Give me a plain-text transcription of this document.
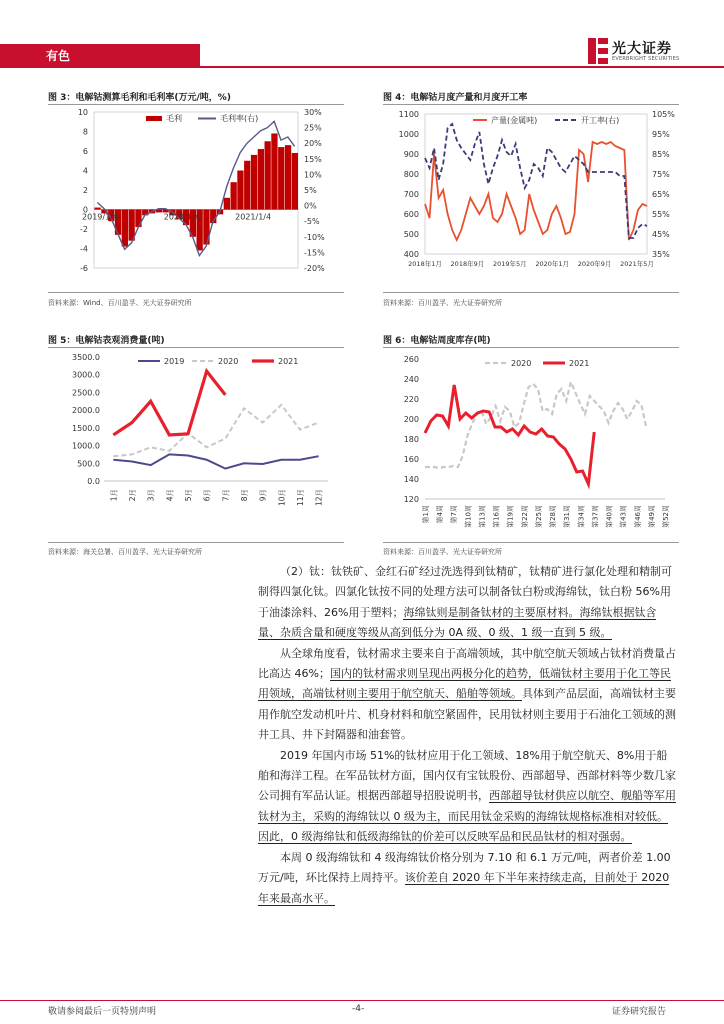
有色	光大证券
EVERBRIGHT SECURITIES
图 3：电解钴测算毛利和毛利率(万元/吨，%)	图 4：电解钴月度产量和月度开工率
10
8
6
4
2
0
-2
-4
-6
30%
25%
20%
15%
10%
5%
0%
-5%
-10%
-15%
-20%
2019/1/4	2020/1/4	2021/1/4
毛利	毛利率(右)	1100
1000
900
800
700
600
500
400
105%
95%
85%
75%
65%
55%
45%
35%
2018年1月 2018年9月 2019年5月 2020年1月 2020年9月 2021年5月
产量(金属吨)	开工率(右)
资料来源：Wind、百川盈孚、光大证券研究所	资料来源：百川盈孚、光大证券研究所
图 5：电解钴表观消费量(吨)	图 6：电解钴周度库存(吨)
3500.0
3000.0
2500.0
2000.0
1500.0
1000.0
500.0
0.0
1月 2月 3月 4月 5月 6月 7月 8月 9月 10月 11月 12月
2019	2020	2021	260
240
220
200
180
160
140
120
第1周 第4周 第7周 第10周 第13周 第16周 第19周 第22周 第25周 第28周 第31周 第34周 第37周 第40周 第43周 第46周 第49周 第52周
2020	2021
资料来源：海关总署、百川盈孚、光大证券研究所	资料来源：百川盈孚、光大证券研究所

（2）钛：钛铁矿、金红石矿经过洗选得到钛精矿，钛精矿进行氯化处理和精制可制得四氯化钛。四氯化钛按不同的处理方法可以制备钛白粉或海绵钛，钛白粉 56%用于油漆涂料、26%用于塑料；海绵钛则是制备钛材的主要原材料。海绵钛根据钛含量、杂质含量和硬度等级从高到低分为 0A 级、0 级、1 级一直到 5 级。

从全球角度看，钛材需求主要来自于高端领域，其中航空航天领域占钛材消费量占比高达 46%；国内的钛材需求则呈现出两极分化的趋势，低端钛材主要用于化工等民用领域，高端钛材则主要用于航空航天、船舶等领域。具体到产品层面，高端钛材主要用作航空发动机叶片、机身材料和航空紧固件，民用钛材则主要用于石油化工领域的测井工具、井下封隔器和油套管。

2019 年国内市场 51%的钛材应用于化工领域、18%用于航空航天、8%用于船舶和海洋工程。在军品钛材方面，国内仅有宝钛股份、西部超导、西部材料等少数几家公司拥有军品认证。根据西部超导招股说明书，西部超导钛材供应以航空、舰船等军用钛材为主，采购的海绵钛以 0 级为主，而民用钛金采购的海绵钛规格标准相对较低。因此，0 级海绵钛和低级海绵钛的价差可以反映军品和民品钛材的相对强弱。

本周 0 级海绵钛和 4 级海绵钛价格分别为 7.10 和 6.1 万元/吨，两者价差 1.00 万元/吨，环比保持上周持平。该价差自 2020 年下半年来持续走高，目前处于 2020 年来最高水平。

敬请参阅最后一页特别声明	-4-	证券研究报告
